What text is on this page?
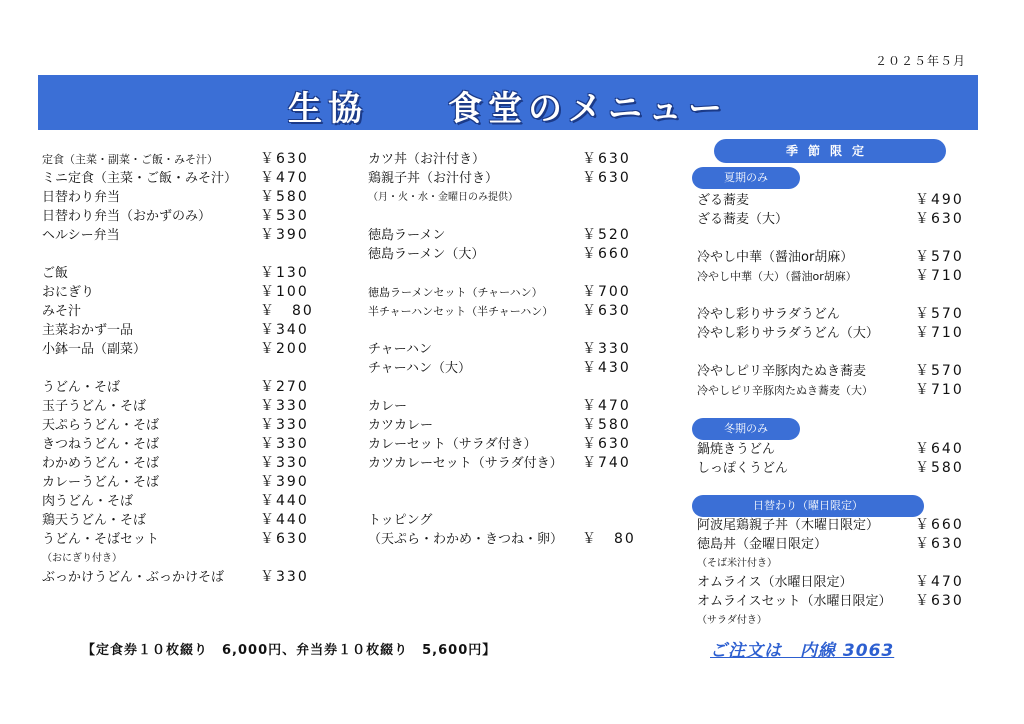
２０２５年５月
生協　　食堂のメニュー
定食（主菜・副菜・ご飯・みそ汁）	￥630
ミニ定食（主菜・ご飯・みそ汁） ￥470
日替わり弁当	￥580
日替わり弁当（おかずのみ）	￥530
ヘルシー弁当	￥390
ご飯	￥130
おにぎり	￥100
みそ汁	￥　80
主菜おかず一品	￥340
小鉢一品（副菜）	￥200
うどん・そば	￥270
玉子うどん・そば	￥330
天ぷらうどん・そば	￥330
きつねうどん・そば	￥330
わかめうどん・そば	￥330
カレーうどん・そば	￥390
肉うどん・そば	￥440
鶏天うどん・そば	￥440
うどん・そばセット	￥630
（おにぎり付き）
ぶっかけうどん・ぶっかけそば	￥330
カツ丼（お汁付き）	￥630
鶏親子丼（お汁付き）	￥630
（月・火・水・金曜日のみ提供）
徳島ラーメン	￥520
徳島ラーメン（大）	￥660
徳島ラーメンセット（チャーハン）	￥700
半チャーハンセット（半チャーハン） ￥630
チャーハン	￥330
チャーハン（大）	￥430
カレー	￥470
カツカレー	￥580
カレーセット（サラダ付き）	￥630
カツカレーセット（サラダ付き） ￥740
トッピング
（天ぷら・わかめ・きつね・卵） ￥　80
季節限定
夏期のみ
ざる蕎麦	￥490
ざる蕎麦（大）	￥630
冷やし中華（醤油or胡麻）	￥570
冷やし中華（大）（醤油or胡麻）	￥710
冷やし彩りサラダうどん	￥570
冷やし彩りサラダうどん（大）	￥710
冷やしピリ辛豚肉たぬき蕎麦	￥570
冷やしピリ辛豚肉たぬき蕎麦（大）	￥710
冬期のみ
鍋焼きうどん	￥640
しっぽくうどん	￥580
日替わり（曜日限定）
阿波尾鶏親子丼（木曜日限定）	￥660
徳島丼（金曜日限定）	￥630
（そば米汁付き）
オムライス（水曜日限定）	￥470
オムライスセット（水曜日限定） ￥630
（サラダ付き）
【定食券１０枚綴り　6,000円、弁当券１０枚綴り　5,600円】	ご注文は　内線 3063
